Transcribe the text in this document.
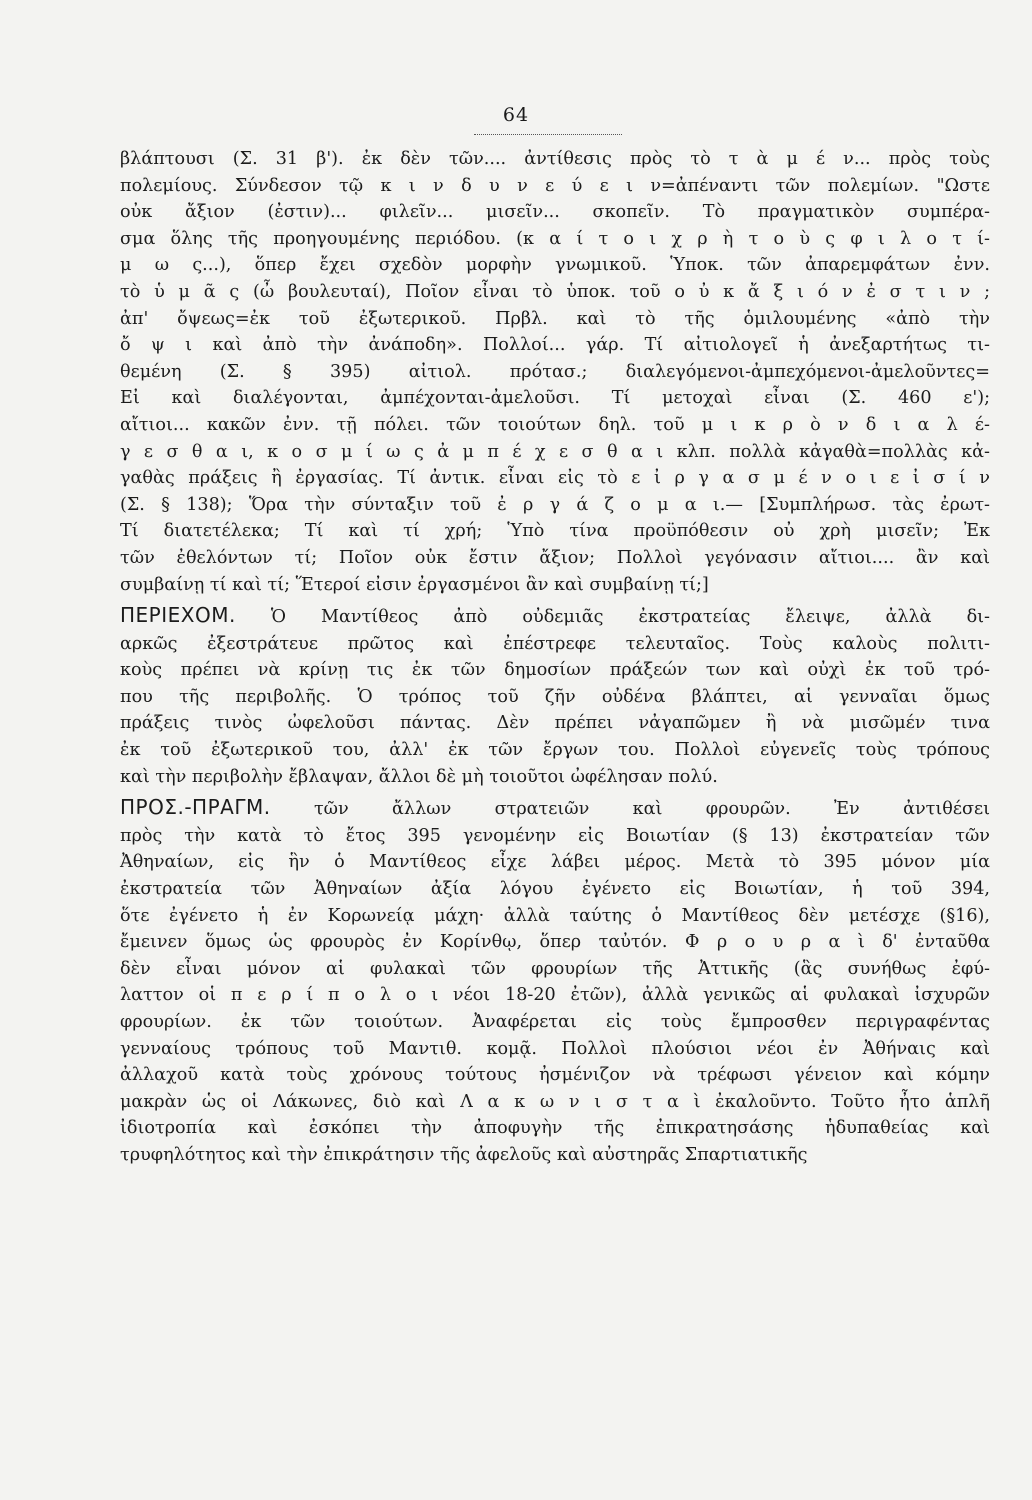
64
βλάπτουσι (Σ. 31 β'). ἐκ δὲν τῶν.... ἀντίθεσις πρὸς τὸ τ ὰ μ έ ν... πρὸς τοὺς
πολεμίους. Σύνδεσον τῷ κ ι ν δ υ ν ε ύ ε ι ν=ἀπέναντι τῶν πολεμίων. "Ωστε
οὐκ ἄξιον (ἐστιν)... φιλεῖν... μισεῖν... σκοπεῖν. Τὸ πραγματικὸν συμπέρα-
σμα ὅλης τῆς προηγουμένης περιόδου. (κ α ί τ ο ι χ ρ ὴ τ ο ὺ ς φ ι λ ο τ ί-
μ ω ς...), ὅπερ ἔχει σχεδὸν μορφὴν γνωμικοῦ. Ὑποκ. τῶν ἀπαρεμφάτων ἐνν.
τὸ ὑ μ ᾶ ς (ὦ βουλευταί), Ποῖον εἶναι τὸ ὑποκ. τοῦ ο ὐ κ ἄ ξ ι ό ν ἐ σ τ ι ν ;
ἀπ' ὄψεως=ἐκ τοῦ ἐξωτερικοῦ. Πρβλ. καὶ τὸ τῆς ὁμιλουμένης «ἀπὸ τὴν
ὄ ψ ι καὶ ἀπὸ τὴν ἀνάποδη». Πολλοί... γάρ. Τί αἰτιολογεῖ ἡ ἀνεξαρτήτως τι-
θεμένη (Σ. § 395) αἰτιολ. πρότασ.; διαλεγόμενοι-ἀμπεχόμενοι-ἀμελοῦντες=
Εἰ καὶ διαλέγονται, ἀμπέχονται-ἀμελοῦσι. Τί μετοχαὶ εἶναι (Σ. 460 ε');
αἴτιοι... κακῶν ἐνν. τῇ πόλει. τῶν τοιούτων δηλ. τοῦ μ ι κ ρ ὸ ν δ ι α λ έ-
γ ε σ θ α ι, κ ο σ μ ί ω ς ἀ μ π έ χ ε σ θ α ι κλπ. πολλὰ κἀγαθὰ=πολλὰς κἀ-
γαθὰς πράξεις ἢ ἐργασίας. Τί ἀντικ. εἶναι εἰς τὸ ε ἰ ρ γ α σ μ έ ν ο ι ε ἰ σ ί ν
(Σ. § 138); Ὅρα τὴν σύνταξιν τοῦ ἐ ρ γ ά ζ ο μ α ι.— [Συμπλήρωσ. τὰς ἐρωτ-
Τί διατετέλεκα; Τί καὶ τί χρή; Ὑπὸ τίνα προϋπόθεσιν οὐ χρὴ μισεῖν; Ἐκ
τῶν ἐθελόντων τί; Ποῖον οὐκ ἔστιν ἄξιον; Πολλοὶ γεγόνασιν αἴτιοι.... ἂν καὶ
συμβαίνῃ τί καὶ τί; Ἕτεροί εἰσιν ἐργασμένοι ἂν καὶ συμβαίνῃ τί;]
ΠΕΡΙΕΧΟΜ. Ὁ Μαντίθεος ἀπὸ οὐδεμιᾶς ἐκστρατείας ἔλειψε, ἀλλὰ δι-
αρκῶς ἐξεστράτευε πρῶτος καὶ ἐπέστρεφε τελευταῖος. Τοὺς καλοὺς πολιτι-
κοὺς πρέπει νὰ κρίνῃ τις ἐκ τῶν δημοσίων πράξεών των καὶ οὐχὶ ἐκ τοῦ τρό-
που τῆς περιβολῆς. Ὁ τρόπος τοῦ ζῆν οὐδένα βλάπτει, αἱ γενναῖαι ὅμως
πράξεις τινὸς ὠφελοῦσι πάντας. Δὲν πρέπει νἀγαπῶμεν ἢ νὰ μισῶμέν τινα
ἐκ τοῦ ἐξωτερικοῦ του, ἀλλ' ἐκ τῶν ἔργων του. Πολλοὶ εὐγενεῖς τοὺς τρόπους
καὶ τὴν περιβολὴν ἔβλαψαν, ἄλλοι δὲ μὴ τοιοῦτοι ὠφέλησαν πολύ.
ΠΡΟΣ.-ΠΡΑΓΜ. τῶν ἄλλων στρατειῶν καὶ φρουρῶν. Ἐν ἀντιθέσει
πρὸς τὴν κατὰ τὸ ἔτος 395 γενομένην εἰς Βοιωτίαν (§ 13) ἐκστρατείαν τῶν
Ἀθηναίων, εἰς ἣν ὁ Μαντίθεος εἶχε λάβει μέρος. Μετὰ τὸ 395 μόνον μία
ἐκστρατεία τῶν Ἀθηναίων ἀξία λόγου ἐγένετο εἰς Βοιωτίαν, ἡ τοῦ 394,
ὅτε ἐγένετο ἡ ἐν Κορωνείᾳ μάχη· ἀλλὰ ταύτης ὁ Μαντίθεος δὲν μετέσχε (§16),
ἔμεινεν ὅμως ὡς φρουρὸς ἐν Κορίνθῳ, ὅπερ ταὐτόν. Φ ρ ο υ ρ α ὶ δ' ἐνταῦθα
δὲν εἶναι μόνον αἱ φυλακαὶ τῶν φρουρίων τῆς Ἀττικῆς (ἃς συνήθως ἐφύ-
λαττον οἱ π ε ρ ί π ο λ ο ι νέοι 18-20 ἐτῶν), ἀλλὰ γενικῶς αἱ φυλακαὶ ἰσχυρῶν
φρουρίων. ἐκ τῶν τοιούτων. Ἀναφέρεται εἰς τοὺς ἔμπροσθεν περιγραφέντας
γενναίους τρόπους τοῦ Μαντιθ. κομᾷ. Πολλοὶ πλούσιοι νέοι ἐν Ἀθήναις καὶ
ἀλλαχοῦ κατὰ τοὺς χρόνους τούτους ἠσμένιζον νὰ τρέφωσι γένειον καὶ κόμην
μακρὰν ὡς οἱ Λάκωνες, διὸ καὶ Λ α κ ω ν ι σ τ α ὶ ἐκαλοῦντο. Τοῦτο ἦτο ἁπλῆ
ἰδιοτροπία καὶ ἐσκόπει τὴν ἀποφυγὴν τῆς ἐπικρατησάσης ἡδυπαθείας καὶ
τρυφηλότητος καὶ τὴν ἐπικράτησιν τῆς ἀφελοῦς καὶ αὐστηρᾶς Σπαρτιατικῆς
